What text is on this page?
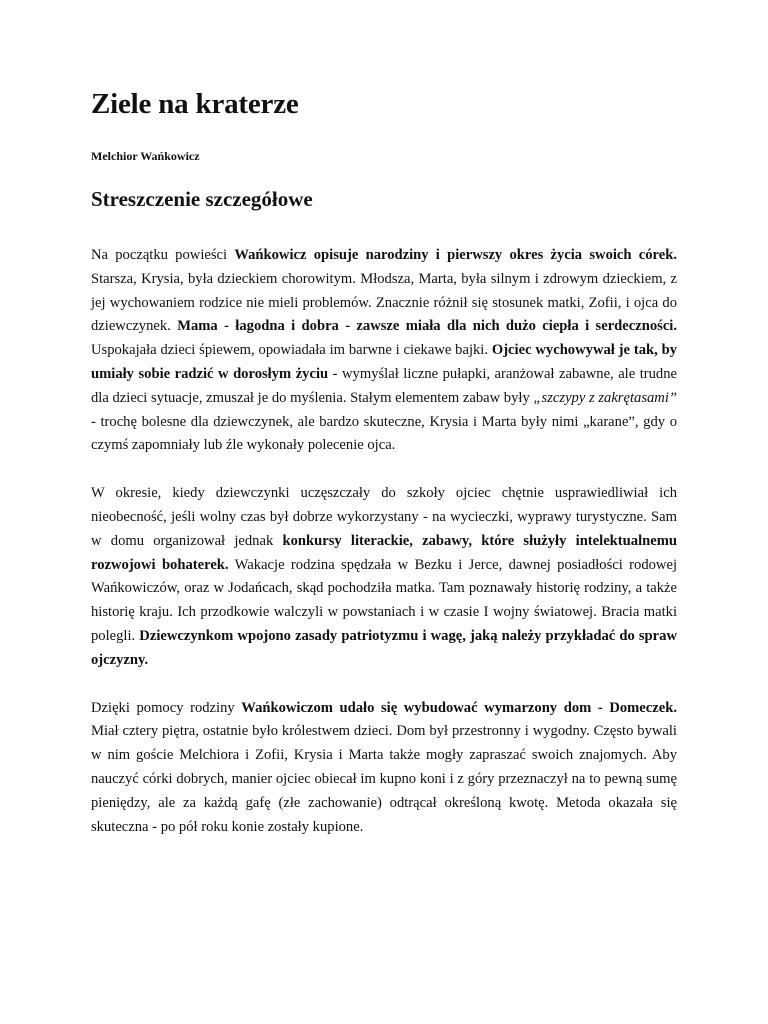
Ziele na kraterze
Melchior Wańkowicz
Streszczenie szczegółowe

Na początku powieści Wańkowicz opisuje narodziny i pierwszy okres życia swoich córek. Starsza, Krysia, była dzieckiem chorowitym. Młodsza, Marta, była silnym i zdrowym dzieckiem, z jej wychowaniem rodzice nie mieli problemów. Znacznie różnił się stosunek matki, Zofii, i ojca do dziewczynek. Mama - łagodna i dobra - zawsze miała dla nich dużo ciepła i serdeczności. Uspokajała dzieci śpiewem, opowiadała im barwne i ciekawe bajki. Ojciec wychowywał je tak, by umiały sobie radzić w dorosłym życiu - wymyślał liczne pułapki, aranżował zabawne, ale trudne dla dzieci sytuacje, zmuszał je do myślenia. Stałym elementem zabaw były „szczypy z zakrętasami” - trochę bolesne dla dziewczynek, ale bardzo skuteczne, Krysia i Marta były nimi „karane”, gdy o czymś zapomniały lub źle wykonały polecenie ojca.

W okresie, kiedy dziewczynki uczęszczały do szkoły ojciec chętnie usprawiedliwiał ich nieobecność, jeśli wolny czas był dobrze wykorzystany - na wycieczki, wyprawy turystyczne. Sam w domu organizował jednak konkursy literackie, zabawy, które służyły intelektualnemu rozwojowi bohaterek. Wakacje rodzina spędzała w Bezku i Jerce, dawnej posiadłości rodowej Wańkowiczów, oraz w Jodańcach, skąd pochodziła matka. Tam poznawały historię rodziny, a także historię kraju. Ich przodkowie walczyli w powstaniach i w czasie I wojny światowej. Bracia matki polegli. Dziewczynkom wpojono zasady patriotyzmu i wagę, jaką należy przykładać do spraw ojczyzny.

Dzięki pomocy rodziny Wańkowiczom udało się wybudować wymarzony dom - Domeczek. Miał cztery piętra, ostatnie było królestwem dzieci. Dom był przestronny i wygodny. Często bywali w nim goście Melchiora i Zofii, Krysia i Marta także mogły zapraszać swoich znajomych. Aby nauczyć córki dobrych, manier ojciec obiecał im kupno koni i z góry przeznaczył na to pewną sumę pieniędzy, ale za każdą gafę (złe zachowanie) odtrącał określoną kwotę. Metoda okazała się skuteczna - po pół roku konie zostały kupione.
